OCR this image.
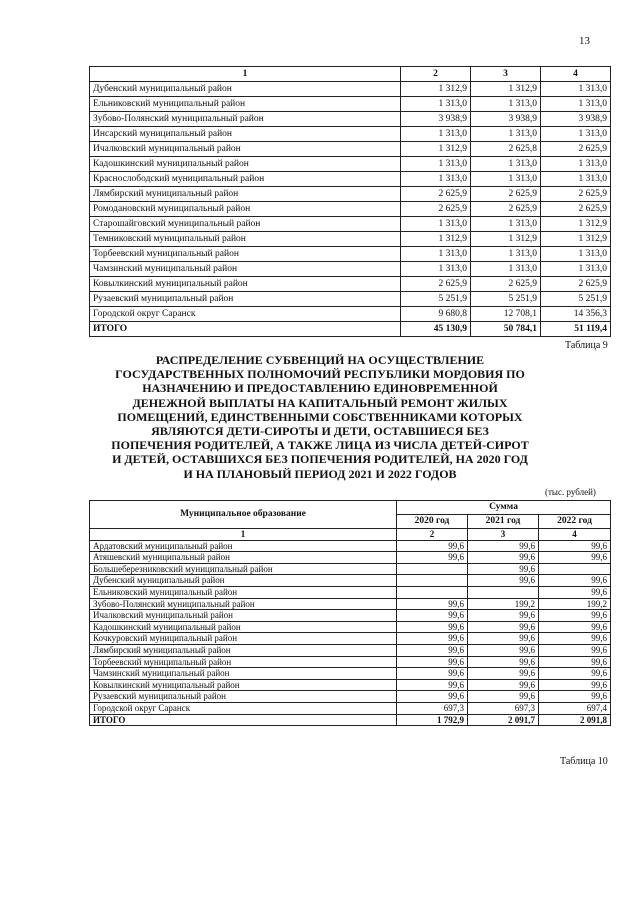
13
1	2	3	4
Дубенский муниципальный район	1 312,9	1 312,9	1 313,0
Ельниковский муниципальный район	1 313,0	1 313,0	1 313,0
Зубово-Полянский муниципальный район	3 938,9	3 938,9	3 938,9
Инсарский муниципальный район	1 313,0	1 313,0	1 313,0
Ичалковский муниципальный район	1 312,9	2 625,8	2 625,9
Кадошкинский муниципальный район	1 313,0	1 313,0	1 313,0
Краснослободский муниципальный район	1 313,0	1 313,0	1 313,0
Лямбирский муниципальный район	2 625,9	2 625,9	2 625,9
Ромодановский муниципальный район	2 625,9	2 625,9	2 625,9
Старошайговский муниципальный район	1 313,0	1 313,0	1 312,9
Темниковский муниципальный район	1 312,9	1 312,9	1 312,9
Торбеевский муниципальный район	1 313,0	1 313,0	1 313,0
Чамзинский муниципальный район	1 313,0	1 313,0	1 313,0
Ковылкинский муниципальный район	2 625,9	2 625,9	2 625,9
Рузаевский муниципальный район	5 251,9	5 251,9	5 251,9
Городской округ Саранск	9 680,8	12 708,1	14 356,3
ИТОГО	45 130,9	50 784,1	51 119,4
Таблица 9
РАСПРЕДЕЛЕНИЕ СУБВЕНЦИЙ НА ОСУЩЕСТВЛЕНИЕ ГОСУДАРСТВЕННЫХ ПОЛНОМОЧИЙ РЕСПУБЛИКИ МОРДОВИЯ ПО НАЗНАЧЕНИЮ И ПРЕДОСТАВЛЕНИЮ ЕДИНОВРЕМЕННОЙ ДЕНЕЖНОЙ ВЫПЛАТЫ НА КАПИТАЛЬНЫЙ РЕМОНТ ЖИЛЫХ ПОМЕЩЕНИЙ, ЕДИНСТВЕННЫМИ СОБСТВЕННИКАМИ КОТОРЫХ ЯВЛЯЮТСЯ ДЕТИ-СИРОТЫ И ДЕТИ, ОСТАВШИЕСЯ БЕЗ ПОПЕЧЕНИЯ РОДИТЕЛЕЙ, А ТАКЖЕ ЛИЦА ИЗ ЧИСЛА ДЕТЕЙ-СИРОТ И ДЕТЕЙ, ОСТАВШИХСЯ БЕЗ ПОПЕЧЕНИЯ РОДИТЕЛЕЙ, НА 2020 ГОД И НА ПЛАНОВЫЙ ПЕРИОД 2021 И 2022 ГОДОВ
(тыс. рублей)
Муниципальное образование	Сумма		
	2020 год	2021 год	2022 год
1	2	3	4
Ардатовский муниципальный район	99,6	99,6	99,6
Атяшевский муниципальный район	99,6	99,6	99,6
Большеберезниковский муниципальный район		99,6	
Дубенский муниципальный район		99,6	99,6
Ельниковский муниципальный район			99,6
Зубово-Полянский муниципальный район	99,6	199,2	199,2
Ичалковский муниципальный район	99,6	99,6	99,6
Кадошкинский муниципальный район	99,6	99,6	99,6
Кочкуровский муниципальный район	99,6	99,6	99,6
Лямбирский муниципальный район	99,6	99,6	99,6
Торбеевский муниципальный район	99,6	99,6	99,6
Чамзинский муниципальный район	99,6	99,6	99,6
Ковылкинский муниципальный район	99,6	99,6	99,6
Рузаевский муниципальный район	99,6	99,6	99,6
Городской округ Саранск	697,3	697,3	697,4
ИТОГО	1 792,9	2 091,7	2 091,8
Таблица 10
